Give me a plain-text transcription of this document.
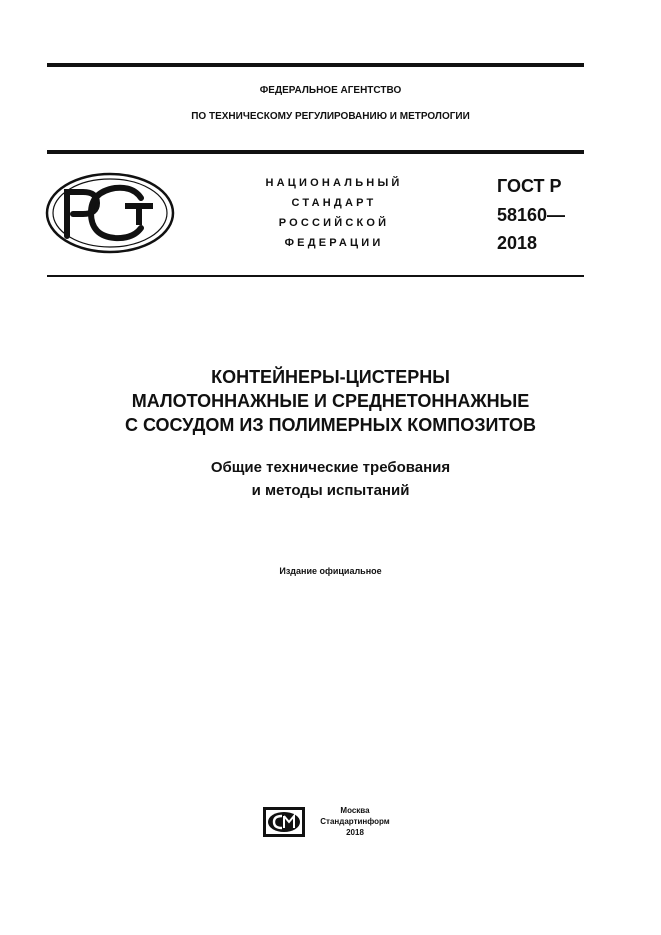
ФЕДЕРАЛЬНОЕ АГЕНТСТВО
ПО ТЕХНИЧЕСКОМУ РЕГУЛИРОВАНИЮ И МЕТРОЛОГИИ
НАЦИОНАЛЬНЫЙ
СТАНДАРТ
РОССИЙСКОЙ
ФЕДЕРАЦИИ
ГОСТ Р
58160—
2018
КОНТЕЙНЕРЫ-ЦИСТЕРНЫ
МАЛОТОННАЖНЫЕ И СРЕДНЕТОННАЖНЫЕ
С СОСУДОМ ИЗ ПОЛИМЕРНЫХ КОМПОЗИТОВ
Общие технические требования
и методы испытаний
Издание официальное
Москва
Стандартинформ
2018
